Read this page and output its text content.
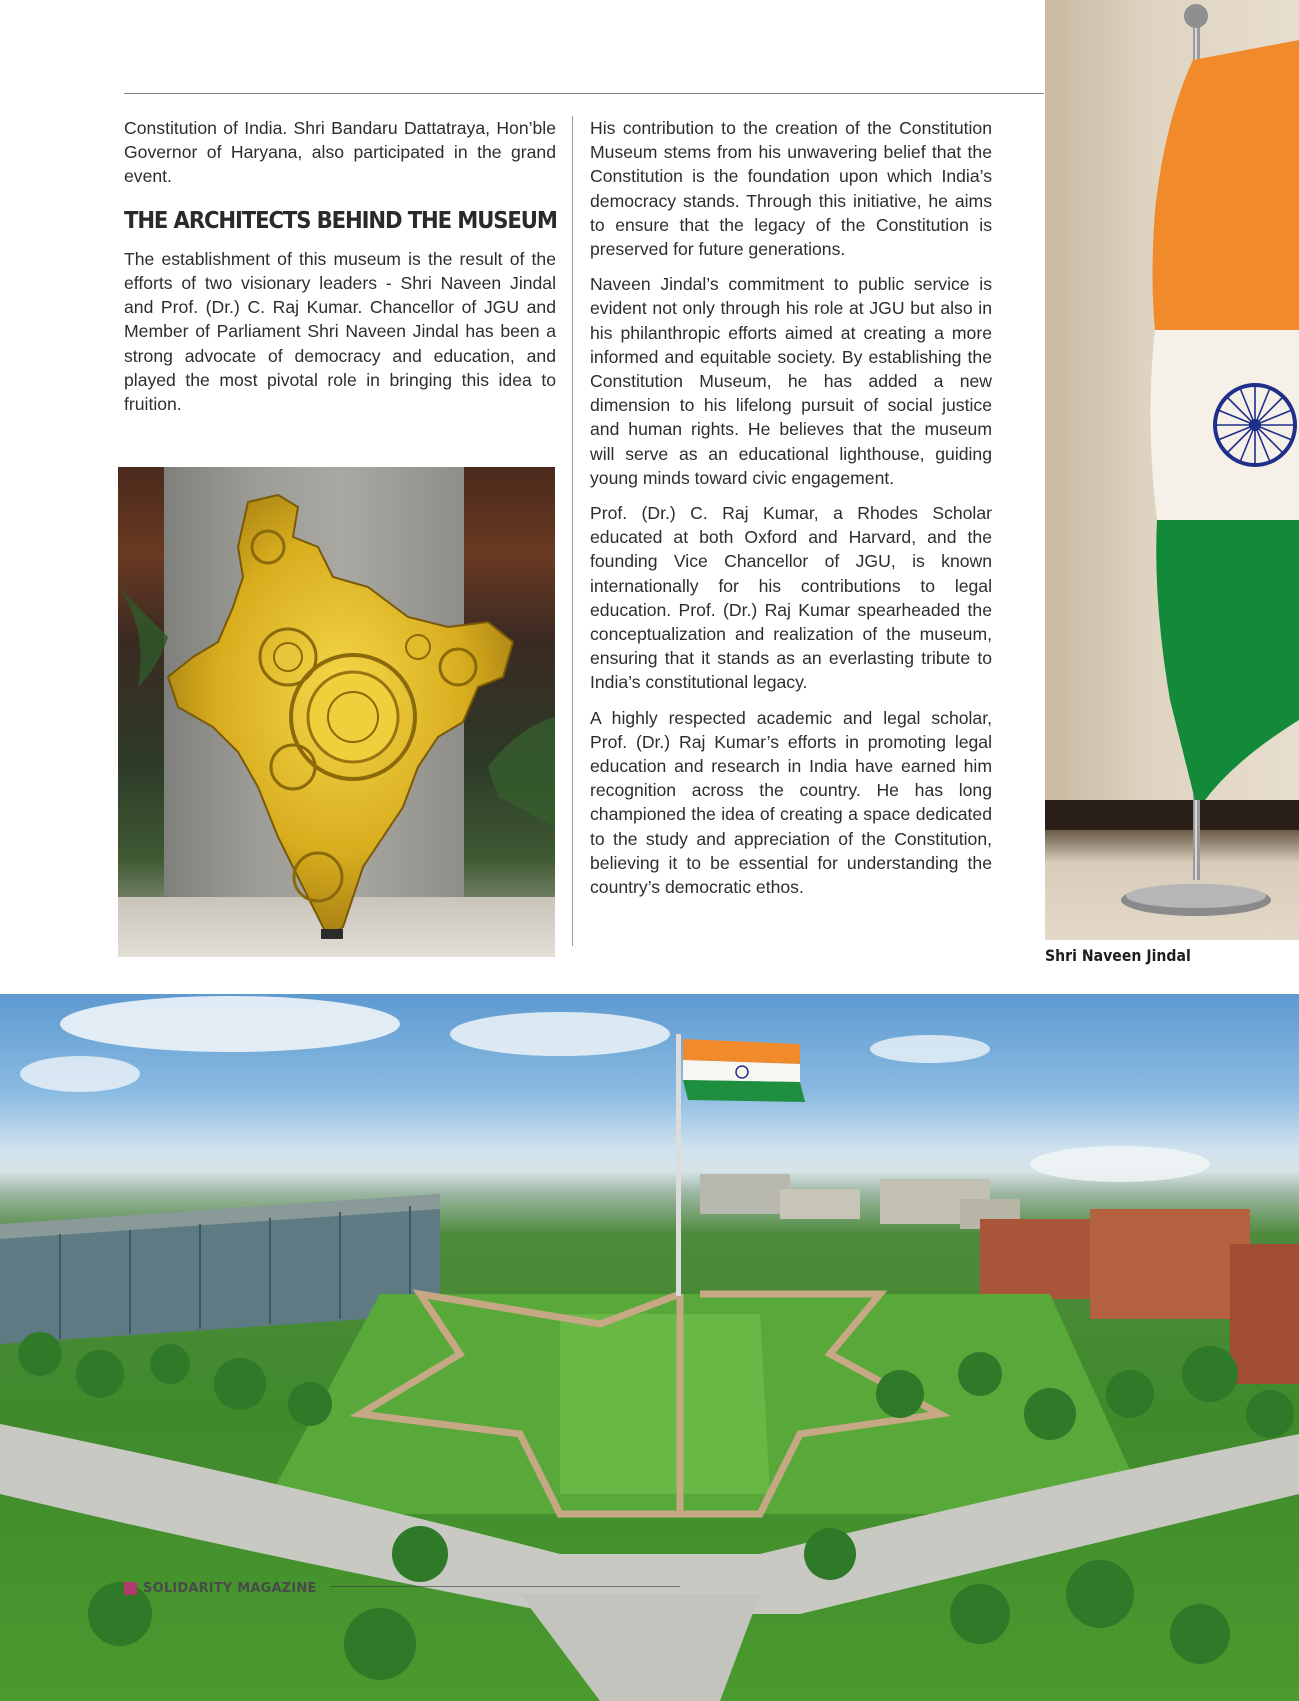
Constitution of India. Shri Bandaru Dattatraya, Hon’ble Governor of Haryana, also participated in the grand event.

THE ARCHITECTS BEHIND THE MUSEUM

The establishment of this museum is the result of the efforts of two visionary leaders - Shri Naveen Jindal and Prof. (Dr.) C. Raj Kumar. Chancellor of JGU and Member of Parliament Shri Naveen Jindal has been a strong advocate of democracy and education, and played the most pivotal role in bringing this idea to fruition.

His contribution to the creation of the Constitution Museum stems from his unwavering belief that the Constitution is the foundation upon which India’s democracy stands. Through this initiative, he aims to ensure that the legacy of the Constitution is preserved for future generations.

Naveen Jindal’s commitment to public service is evident not only through his role at JGU but also in his philanthropic efforts aimed at creating a more informed and equitable society. By establishing the Constitution Museum, he has added a new dimension to his lifelong pursuit of social justice and human rights. He believes that the museum will serve as an educational lighthouse, guiding young minds toward civic engagement.

Prof. (Dr.) C. Raj Kumar, a Rhodes Scholar educated at both Oxford and Harvard, and the founding Vice Chancellor of JGU, is known internationally for his contributions to legal education. Prof. (Dr.) Raj Kumar spearheaded the conceptualization and realization of the museum, ensuring that it stands as an everlasting tribute to India’s constitutional legacy.

A highly respected academic and legal scholar, Prof. (Dr.) Raj Kumar’s efforts in promoting legal education and research in India have earned him recognition across the country. He has long championed the idea of creating a space dedicated to the study and appreciation of the Constitution, believing it to be essential for understanding the country’s democratic ethos.

Shri Naveen Jindal
SOLIDARITY MAGAZINE
